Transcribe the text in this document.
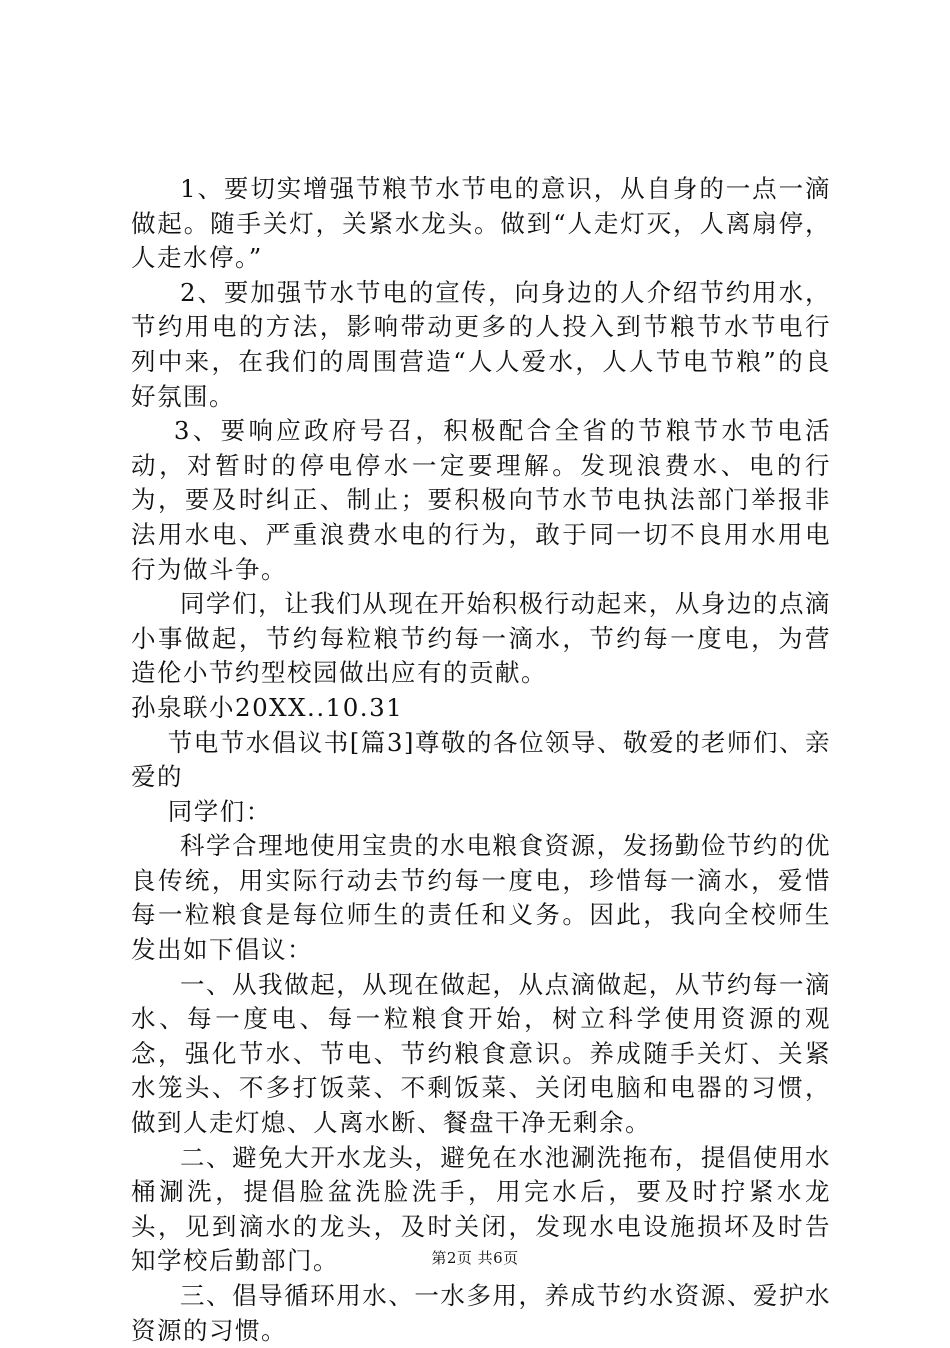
1、要切实增强节粮节水节电的意识，从自身的一点一滴做起。随手关灯，关紧水龙头。做到“人走灯灭，人离扇停，人走水停。”

2、要加强节水节电的宣传，向身边的人介绍节约用水，节约用电的方法，影响带动更多的人投入到节粮节水节电行列中来，在我们的周围营造“人人爱水，人人节电节粮”的良好氛围。

3、要响应政府号召，积极配合全省的节粮节水节电活动，对暂时的停电停水一定要理解。发现浪费水、电的行为，要及时纠正、制止；要积极向节水节电执法部门举报非法用水电、严重浪费水电的行为，敢于同一切不良用水用电行为做斗争。

同学们，让我们从现在开始积极行动起来，从身边的点滴小事做起，节约每粒粮节约每一滴水，节约每一度电，为营造伦小节约型校园做出应有的贡献。

孙泉联小20XX..10.31

节电节水倡议书[篇3]尊敬的各位领导、敬爱的老师们、亲爱的

同学们：

科学合理地使用宝贵的水电粮食资源，发扬勤俭节约的优良传统，用实际行动去节约每一度电，珍惜每一滴水，爱惜每一粒粮食是每位师生的责任和义务。因此，我向全校师生发出如下倡议：

一、从我做起，从现在做起，从点滴做起，从节约每一滴水、每一度电、每一粒粮食开始，树立科学使用资源的观念，强化节水、节电、节约粮食意识。养成随手关灯、关紧水笼头、不多打饭菜、不剩饭菜、关闭电脑和电器的习惯，做到人走灯熄、人离水断、餐盘干净无剩余。

二、避免大开水龙头，避免在水池涮洗拖布，提倡使用水桶涮洗，提倡脸盆洗脸洗手，用完水后，要及时拧紧水龙头，见到滴水的龙头，及时关闭，发现水电设施损坏及时告知学校后勤部门。

三、倡导循环用水、一水多用，养成节约水资源、爱护水资源的习惯。

第2页 共6页
